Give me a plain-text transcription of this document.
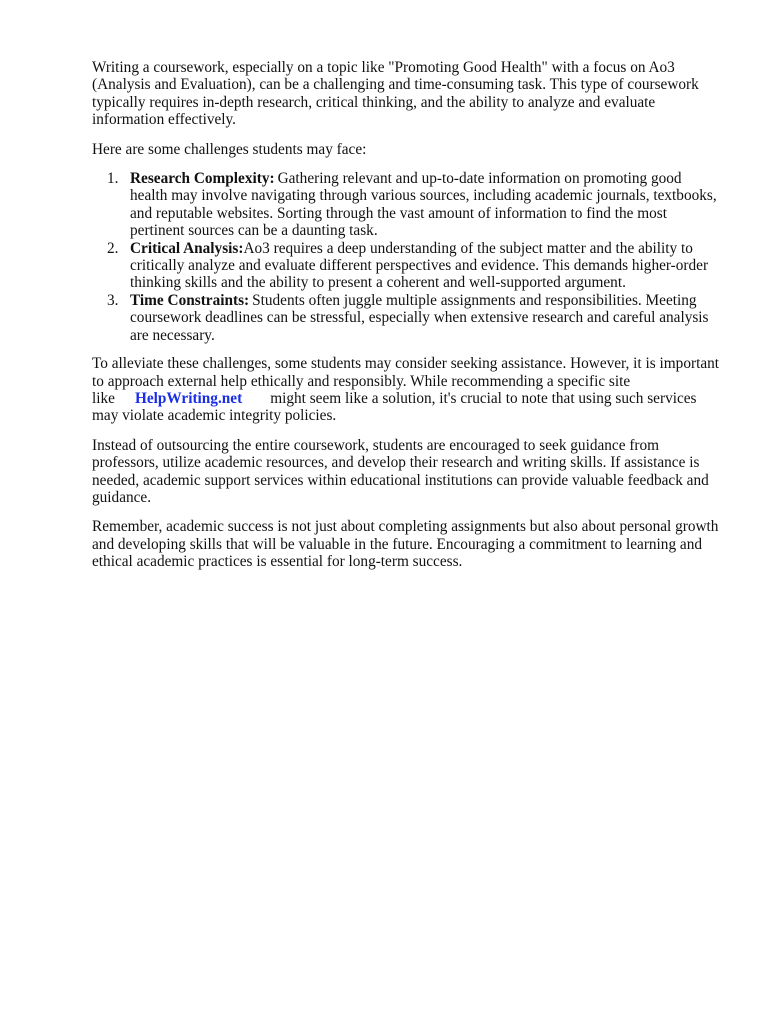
Writing a coursework, especially on a topic like "Promoting Good Health" with a focus on Ao3 (Analysis and Evaluation), can be a challenging and time-consuming task. This type of coursework typically requires in-depth research, critical thinking, and the ability to analyze and evaluate information effectively.

Here are some challenges students may face:

1. Research Complexity: Gathering relevant and up-to-date information on promoting good health may involve navigating through various sources, including academic journals, textbooks, and reputable websites. Sorting through the vast amount of information to find the most pertinent sources can be a daunting task.
2. Critical Analysis:Ao3 requires a deep understanding of the subject matter and the ability to critically analyze and evaluate different perspectives and evidence. This demands higher-order thinking skills and the ability to present a coherent and well-supported argument.
3. Time Constraints: Students often juggle multiple assignments and responsibilities. Meeting coursework deadlines can be stressful, especially when extensive research and careful analysis are necessary.

To alleviate these challenges, some students may consider seeking assistance. However, it is important to approach external help ethically and responsibly. While recommending a specific site like HelpWriting.net might seem like a solution, it's crucial to note that using such services may violate academic integrity policies.

Instead of outsourcing the entire coursework, students are encouraged to seek guidance from professors, utilize academic resources, and develop their research and writing skills. If assistance is needed, academic support services within educational institutions can provide valuable feedback and guidance.

Remember, academic success is not just about completing assignments but also about personal growth and developing skills that will be valuable in the future. Encouraging a commitment to learning and ethical academic practices is essential for long-term success.
